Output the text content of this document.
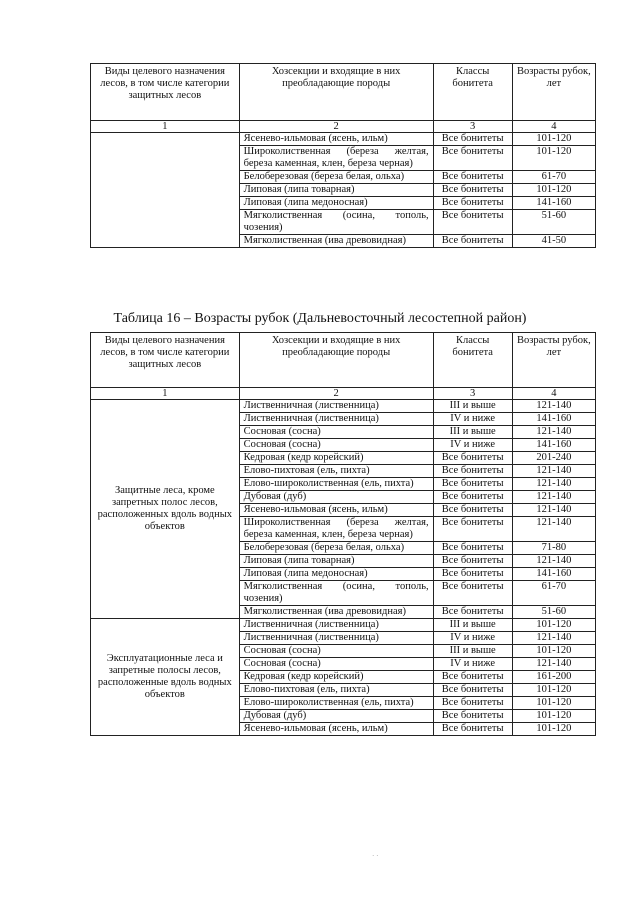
Виды целевого назначения лесов, в том числе категории защитных лесов	Хозсекции и входящие в них преобладающие породы	Классы бонитета	Возрасты рубок, лет
1	2	3	4
	Ясенево-ильмовая (ясень, ильм)	Все бонитеты	101-120
	Широколиственная (береза желтая, береза каменная, клен, береза черная)	Все бонитеты	101-120
	Белоберезовая (береза белая, ольха)	Все бонитеты	61-70
	Липовая (липа товарная)	Все бонитеты	101-120
	Липовая (липа медоносная)	Все бонитеты	141-160
	Мягколиственная (осина, тополь, чозения)	Все бонитеты	51-60
	Мягколиственная (ива древовидная)	Все бонитеты	41-50
Таблица 16 – Возрасты рубок (Дальневосточный лесостепной район)
Виды целевого назначения лесов, в том числе категории защитных лесов	Хозсекции и входящие в них преобладающие породы	Классы бонитета	Возрасты рубок, лет
1	2	3	4
Защитные леса, кроме запретных полос лесов, расположенных вдоль водных объектов	Лиственничная (лиственница)	III и выше	121-140
	Лиственничная (лиственница)	IV и ниже	141-160
	Сосновая (сосна)	III и выше	121-140
	Сосновая (сосна)	IV и ниже	141-160
	Кедровая (кедр корейский)	Все бонитеты	201-240
	Елово-пихтовая (ель, пихта)	Все бонитеты	121-140
	Елово-широколиственная (ель, пихта)	Все бонитеты	121-140
	Дубовая (дуб)	Все бонитеты	121-140
	Ясенево-ильмовая (ясень, ильм)	Все бонитеты	121-140
	Широколиственная (береза желтая, береза каменная, клен, береза черная)	Все бонитеты	121-140
	Белоберезовая (береза белая, ольха)	Все бонитеты	71-80
	Липовая (липа товарная)	Все бонитеты	121-140
	Липовая (липа медоносная)	Все бонитеты	141-160
	Мягколиственная (осина, тополь, чозения)	Все бонитеты	61-70
	Мягколиственная (ива древовидная)	Все бонитеты	51-60
Эксплуатационные леса и запретные полосы лесов, расположенные вдоль водных объектов	Лиственничная (лиственница)	III и выше	101-120
	Лиственничная (лиственница)	IV и ниже	121-140
	Сосновая (сосна)	III и выше	101-120
	Сосновая (сосна)	IV и ниже	121-140
	Кедровая (кедр корейский)	Все бонитеты	161-200
	Елово-пихтовая (ель, пихта)	Все бонитеты	101-120
	Елово-широколиственная (ель, пихта)	Все бонитеты	101-120
	Дубовая (дуб)	Все бонитеты	101-120
	Ясенево-ильмовая (ясень, ильм)	Все бонитеты	101-120
· ·
